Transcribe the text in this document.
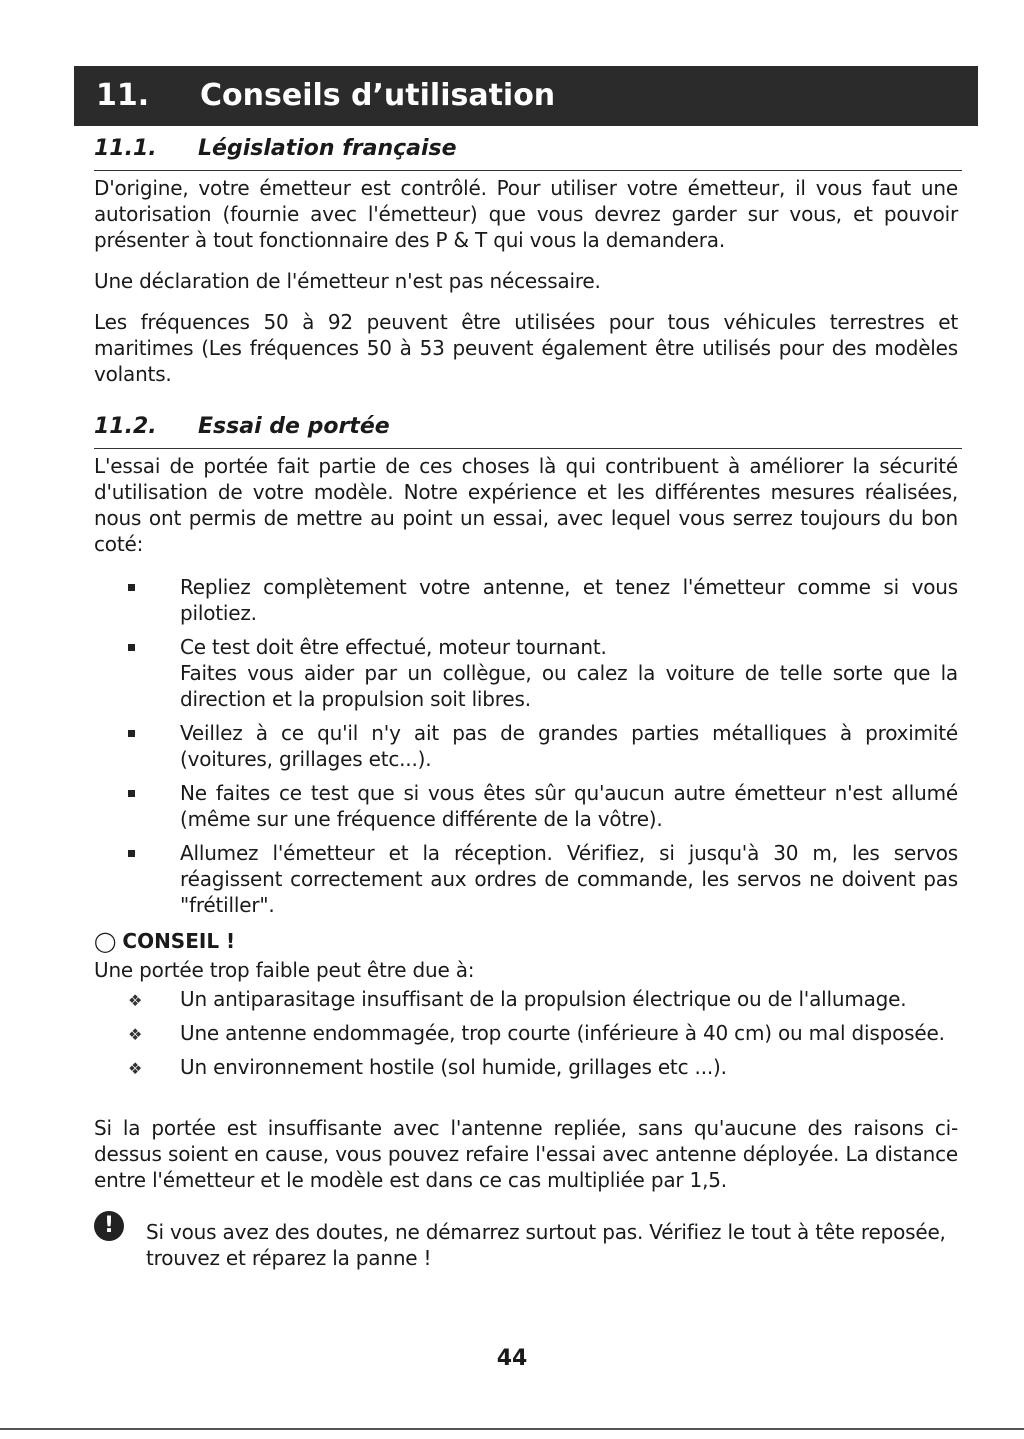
11. Conseils d’utilisation
11.1. Législation française
D'origine, votre émetteur est contrôlé. Pour utiliser votre émetteur, il vous faut une autorisation (fournie avec l'émetteur) que vous devrez garder sur vous, et pouvoir présenter à tout fonctionnaire des P & T qui vous la demandera.
Une déclaration de l'émetteur n'est pas nécessaire.
Les fréquences 50 à 92 peuvent être utilisées pour tous véhicules terrestres et maritimes (Les fréquences 50 à 53 peuvent également être utilisés pour des modèles volants.
11.2. Essai de portée
L'essai de portée fait partie de ces choses là qui contribuent à améliorer la sécurité d'utilisation de votre modèle. Notre expérience et les différentes mesures réalisées, nous ont permis de mettre au point un essai, avec lequel vous serrez toujours du bon coté:
Repliez complètement votre antenne, et tenez l'émetteur comme si vous pilotiez.
Ce test doit être effectué, moteur tournant.
Faites vous aider par un collègue, ou calez la voiture de telle sorte que la direction et la propulsion soit libres.
Veillez à ce qu'il n'y ait pas de grandes parties métalliques à proximité (voitures, grillages etc...).
Ne faites ce test que si vous êtes sûr qu'aucun autre émetteur n'est allumé (même sur une fréquence différente de la vôtre).
Allumez l'émetteur et la réception. Vérifiez, si jusqu'à 30 m, les servos réagissent correctement aux ordres de commande, les servos ne doivent pas "frétiller".
◯ CONSEIL !
Une portée trop faible peut être due à:
❖ Un antiparasitage insuffisant de la propulsion électrique ou de l'allumage.
❖ Une antenne endommagée, trop courte (inférieure à 40 cm) ou mal disposée.
❖ Un environnement hostile (sol humide, grillages etc ...).
Si la portée est insuffisante avec l'antenne repliée, sans qu'aucune des raisons ci-dessus soient en cause, vous pouvez refaire l'essai avec antenne déployée. La distance entre l'émetteur et le modèle est dans ce cas multipliée par 1,5.
!	Si vous avez des doutes, ne démarrez surtout pas. Vérifiez le tout à tête reposée, trouvez et réparez la panne !
44
